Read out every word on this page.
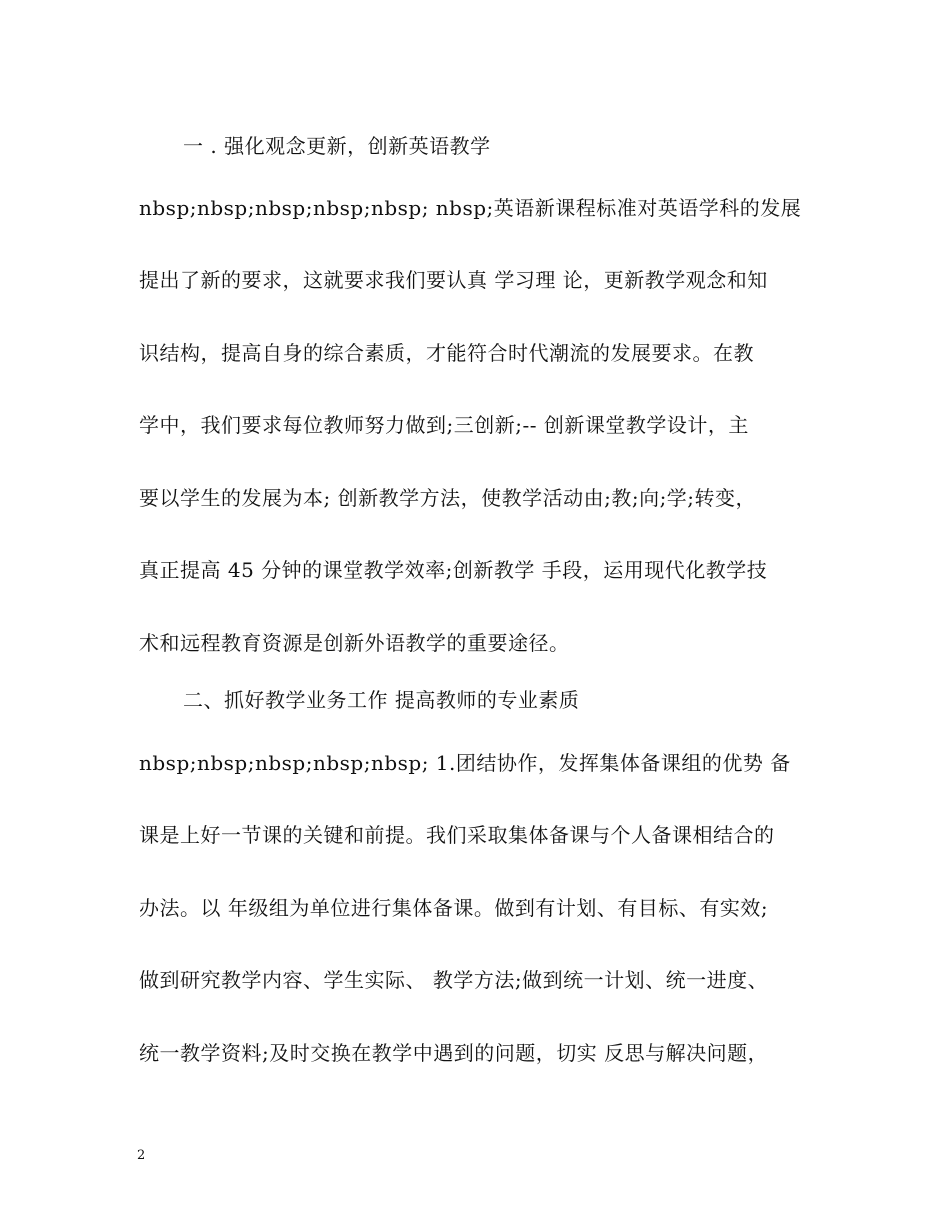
一 . 强化观念更新，创新英语教学
nbsp;nbsp;nbsp;nbsp;nbsp; nbsp;英语新课程标准对英语学科的发展
提出了新的要求，这就要求我们要认真 学习理 论，更新教学观念和知
识结构，提高自身的综合素质，才能符合时代潮流的发展要求。在教
学中，我们要求每位教师努力做到;三创新;-- 创新课堂教学设计，主
要以学生的发展为本; 创新教学方法，使教学活动由;教;向;学;转变，
真正提高 45 分钟的课堂教学效率;创新教学 手段，运用现代化教学技
术和远程教育资源是创新外语教学的重要途径。
二、抓好教学业务工作 提高教师的专业素质
nbsp;nbsp;nbsp;nbsp;nbsp; 1.团结协作，发挥集体备课组的优势 备
课是上好一节课的关键和前提。我们采取集体备课与个人备课相结合的
办法。以 年级组为单位进行集体备课。做到有计划、有目标、有实效;
做到研究教学内容、学生实际、 教学方法;做到统一计划、统一进度、
统一教学资料;及时交换在教学中遇到的问题，切实 反思与解决问题，
2
